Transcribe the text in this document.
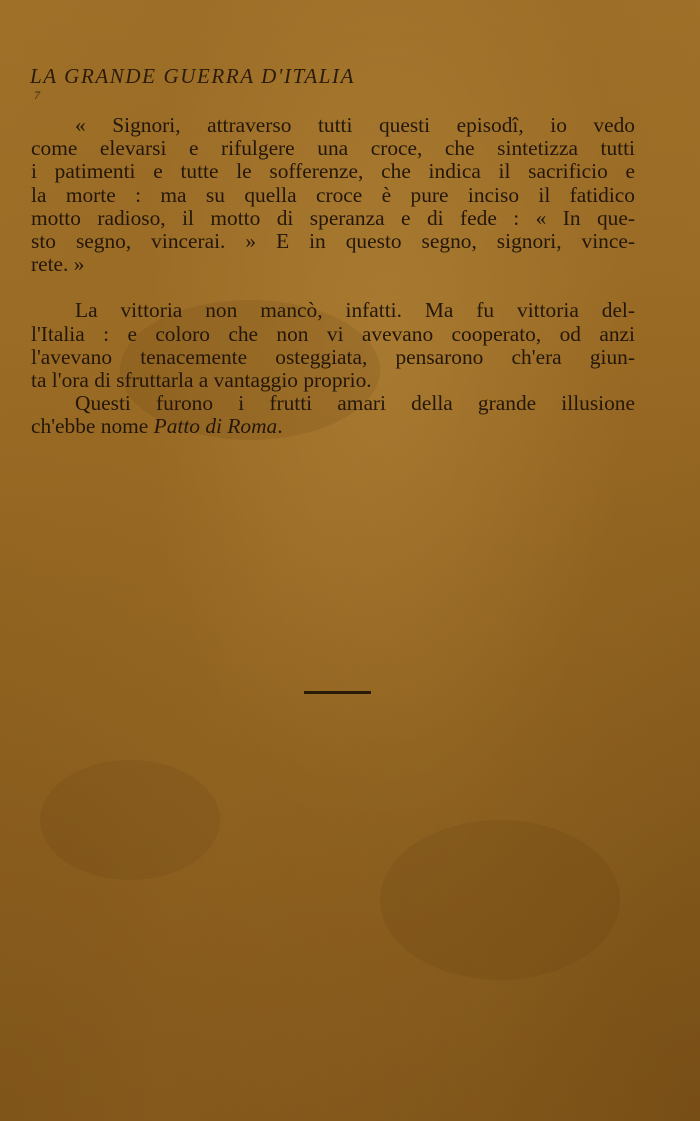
LA GRANDE GUERRA D'ITALIA
7
« Signori, attraverso tutti questi episodî, io vedo
come elevarsi e rifulgere una croce, che sintetizza tutti
i patimenti e tutte le sofferenze, che indica il sacrificio e
la morte : ma su quella croce è pure inciso il fatidico
motto radioso, il motto di speranza e di fede : « In que-
sto segno, vincerai. » E in questo segno, signori, vince-
rete. »
La vittoria non mancò, infatti. Ma fu vittoria del-
l'Italia : e coloro che non vi avevano cooperato, od anzi
l'avevano tenacemente osteggiata, pensarono ch'era giun-
ta l'ora di sfruttarla a vantaggio proprio.
Questi furono i frutti amari della grande illusione
ch'ebbe nome Patto di Roma.
